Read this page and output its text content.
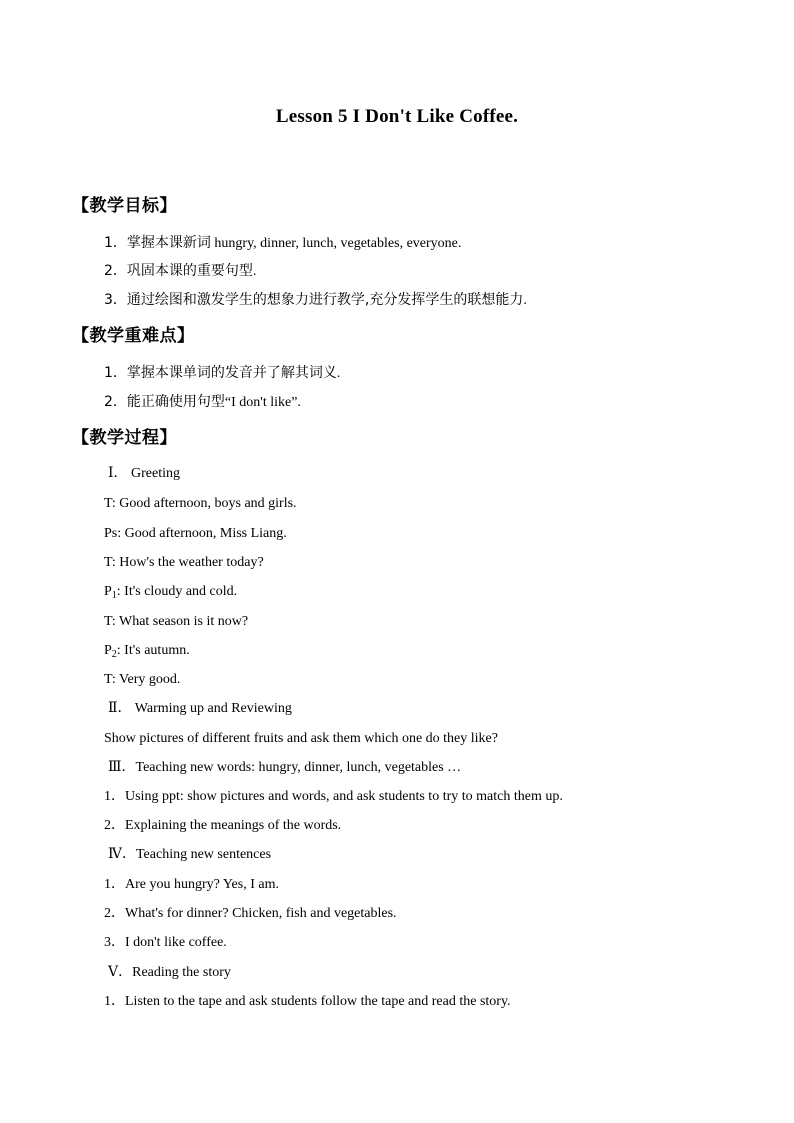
Lesson 5 I Don't Like Coffee.
【教学目标】
1．掌握本课新词 hungry, dinner, lunch, vegetables, everyone.
2．巩固本课的重要句型.
3．通过绘图和激发学生的想象力进行教学,充分发挥学生的联想能力.
【教学重难点】
1．掌握本课单词的发音并了解其词义.
2．能正确使用句型“I don't like”.
【教学过程】
Ⅰ． Greeting
T: Good afternoon, boys and girls.
Ps: Good afternoon, Miss Liang.
T: How's the weather today?
$P_1$: It's cloudy and cold.
T: What season is it now?
$P_2$: It's autumn.
T: Very good.
Ⅱ． Warming up and Reviewing
Show pictures of different fruits and ask them which one do they like?
Ⅲ．Teaching new words: hungry, dinner, lunch, vegetables …
1．Using ppt: show pictures and words, and ask students to try to match them up.
2．Explaining the meanings of the words.
Ⅳ．Teaching new sentences
1．Are you hungry? Yes, I am.
2．What's for dinner? Chicken, fish and vegetables.
3．I don't like coffee.
Ⅴ．Reading the story
1．Listen to the tape and ask students follow the tape and read the story.
